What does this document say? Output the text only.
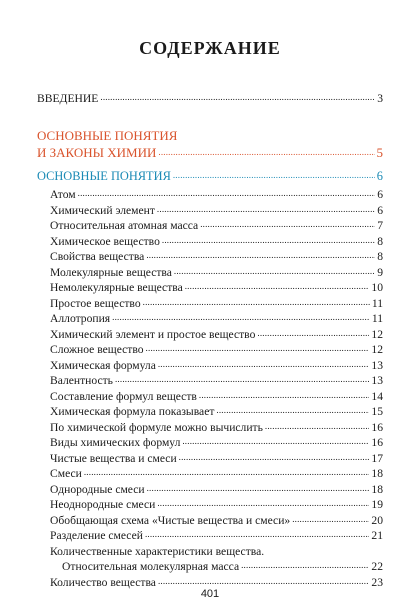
СОДЕРЖАНИЕ
ВВЕДЕНИЕ .....	3
ОСНОВНЫЕ ПОНЯТИЯ
И ЗАКОНЫ ХИМИИ .....	5
ОСНОВНЫЕ ПОНЯТИЯ .....	6
Атом .....	6
Химический элемент .....	6
Относительная атомная масса .....	7
Химическое вещество .....	8
Свойства вещества .....	8
Молекулярные вещества .....	9
Немолекулярные вещества .....	10
Простое вещество .....	11
Аллотропия .....	11
Химический элемент и простое вещество .....	12
Сложное вещество .....	12
Химическая формула .....	13
Валентность .....	13
Составление формул веществ .....	14
Химическая формула показывает .....	15
По химической формуле можно вычислить .....	16
Виды химических формул .....	16
Чистые вещества и смеси .....	17
Смеси .....	18
Однородные смеси .....	18
Неоднородные смеси .....	19
Обобщающая схема «Чистые вещества и смеси» .....	20
Разделение смесей .....	21
Количественные характеристики вещества.
Относительная молекулярная масса .....	22
Количество вещества .....	23
401
